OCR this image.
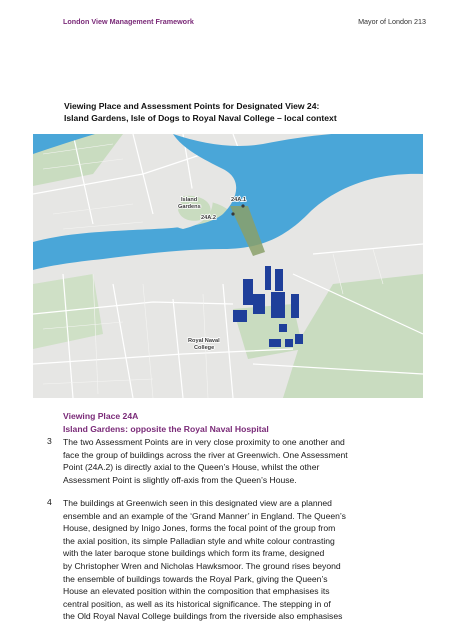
London View Management Framework	Mayor of London 213
Viewing Place and Assessment Points for Designated View 24:
Island Gardens, Isle of Dogs to Royal Naval College – local context
Island
Gardens
24A.1
24A.2
Royal Naval
College
Viewing Place 24A
Island Gardens: opposite the Royal Naval Hospital
3 The two Assessment Points are in very close proximity to one another and
face the group of buildings across the river at Greenwich. One Assessment
Point (24A.2) is directly axial to the Queen’s House, whilst the other
Assessment Point is slightly off-axis from the Queen’s House.
4 The buildings at Greenwich seen in this designated view are a planned
ensemble and an example of the ‘Grand Manner’ in England. The Queen’s
House, designed by Inigo Jones, forms the focal point of the group from
the axial position, its simple Palladian style and white colour contrasting
with the later baroque stone buildings which form its frame, designed
by Christopher Wren and Nicholas Hawksmoor. The ground rises beyond
the ensemble of buildings towards the Royal Park, giving the Queen’s
House an elevated position within the composition that emphasises its
central position, as well as its historical significance. The stepping in of
the Old Royal Naval College buildings from the riverside also emphasises
